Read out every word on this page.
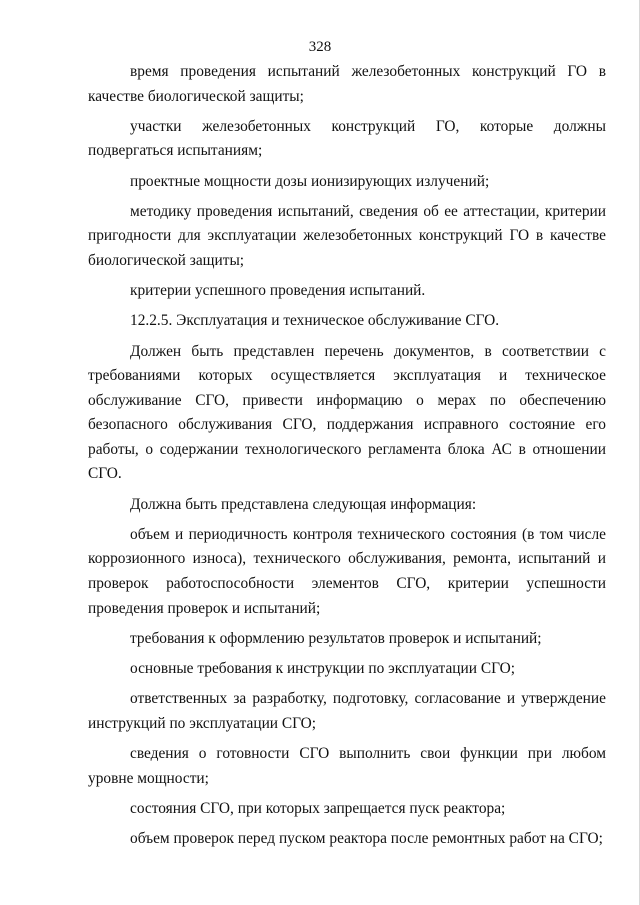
328

время проведения испытаний железобетонных конструкций ГО в качестве биологической защиты;

участки железобетонных конструкций ГО, которые должны подвергаться испытаниям;

проектные мощности дозы ионизирующих излучений;

методику проведения испытаний, сведения об ее аттестации, критерии пригодности для эксплуатации железобетонных конструкций ГО в качестве биологической защиты;

критерии успешного проведения испытаний.

12.2.5. Эксплуатация и техническое обслуживание СГО.

Должен быть представлен перечень документов, в соответствии с требованиями которых осуществляется эксплуатация и техническое обслуживание СГО, привести информацию о мерах по обеспечению безопасного обслуживания СГО, поддержания исправного состояние его работы, о содержании технологического регламента блока АС в отношении СГО.

Должна быть представлена следующая информация:

объем и периодичность контроля технического состояния (в том числе коррозионного износа), технического обслуживания, ремонта, испытаний и проверок работоспособности элементов СГО, критерии успешности проведения проверок и испытаний;

требования к оформлению результатов проверок и испытаний;

основные требования к инструкции по эксплуатации СГО;

ответственных за разработку, подготовку, согласование и утверждение инструкций по эксплуатации СГО;

сведения о готовности СГО выполнить свои функции при любом уровне мощности;

состояния СГО, при которых запрещается пуск реактора;

объем проверок перед пуском реактора после ремонтных работ на СГО;
